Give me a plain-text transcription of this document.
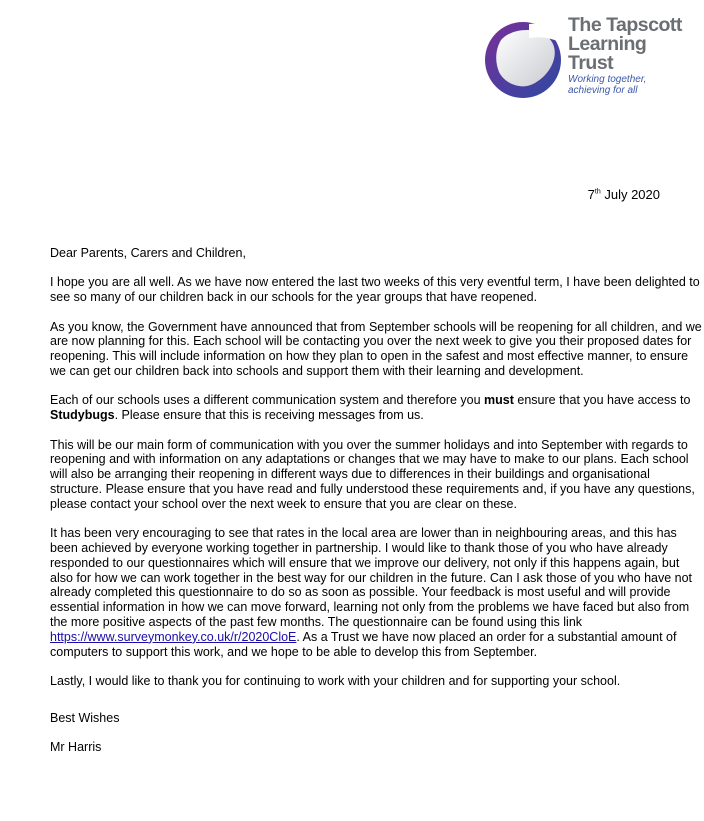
The Tapscott
Learning
Trust
Working together,
achieving for all
7th July 2020

Dear Parents, Carers and Children,

I hope you are all well. As we have now entered the last two weeks of this very eventful term, I have been delighted to see so many of our children back in our schools for the year groups that have reopened.

As you know, the Government have announced that from September schools will be reopening for all children, and we are now planning for this. Each school will be contacting you over the next week to give you their proposed dates for reopening. This will include information on how they plan to open in the safest and most effective manner, to ensure we can get our children back into schools and support them with their learning and development.

Each of our schools uses a different communication system and therefore you must ensure that you have access to Studybugs. Please ensure that this is receiving messages from us.

This will be our main form of communication with you over the summer holidays and into September with regards to reopening and with information on any adaptations or changes that we may have to make to our plans. Each school will also be arranging their reopening in different ways due to differences in their buildings and organisational structure. Please ensure that you have read and fully understood these requirements and, if you have any questions, please contact your school over the next week to ensure that you are clear on these.

It has been very encouraging to see that rates in the local area are lower than in neighbouring areas, and this has been achieved by everyone working together in partnership. I would like to thank those of you who have already responded to our questionnaires which will ensure that we improve our delivery, not only if this happens again, but also for how we can work together in the best way for our children in the future. Can I ask those of you who have not already completed this questionnaire to do so as soon as possible. Your feedback is most useful and will provide essential information in how we can move forward, learning not only from the problems we have faced but also from the more positive aspects of the past few months. The questionnaire can be found using this link https://www.surveymonkey.co.uk/r/2020CloE. As a Trust we have now placed an order for a substantial amount of computers to support this work, and we hope to be able to develop this from September.

Lastly, I would like to thank you for continuing to work with your children and for supporting your school.

Best Wishes

Mr Harris
